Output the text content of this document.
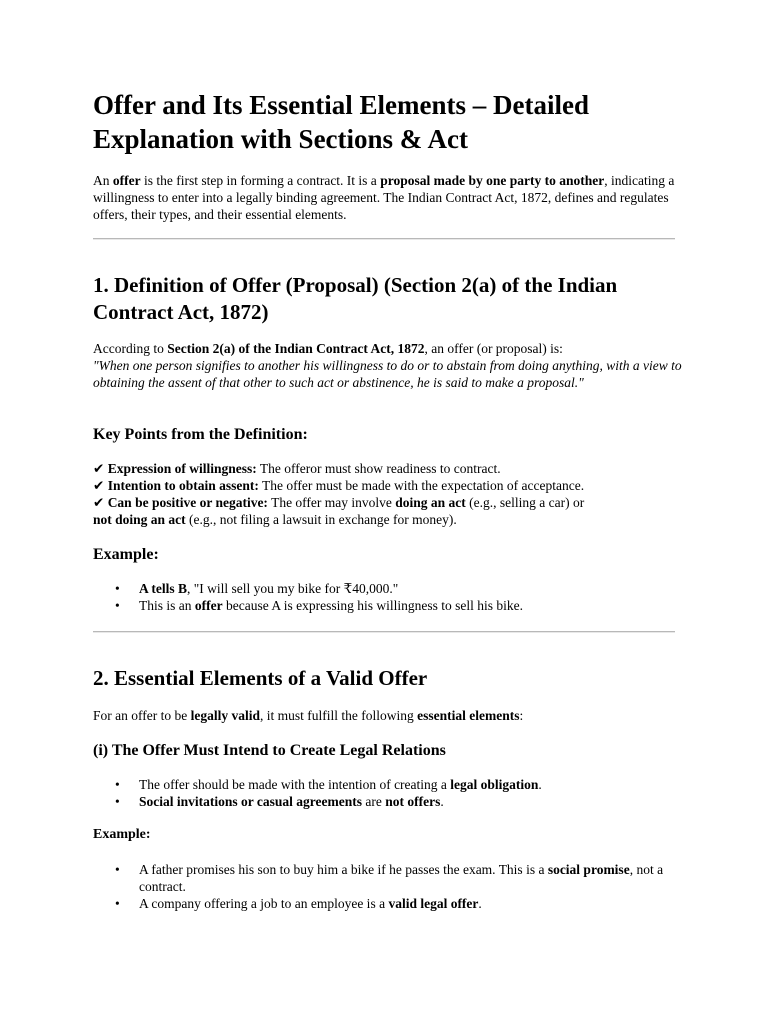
Offer and Its Essential Elements – Detailed Explanation with Sections & Act

An offer is the first step in forming a contract. It is a proposal made by one party to another, indicating a willingness to enter into a legally binding agreement. The Indian Contract Act, 1872, defines and regulates offers, their types, and their essential elements.

1. Definition of Offer (Proposal) (Section 2(a) of the Indian Contract Act, 1872)

According to Section 2(a) of the Indian Contract Act, 1872, an offer (or proposal) is:
"When one person signifies to another his willingness to do or to abstain from doing anything, with a view to obtaining the assent of that other to such act or abstinence, he is said to make a proposal."

Key Points from the Definition:

✔ Expression of willingness: The offeror must show readiness to contract.
✔ Intention to obtain assent: The offer must be made with the expectation of acceptance.
✔ Can be positive or negative: The offer may involve doing an act (e.g., selling a car) or
not doing an act (e.g., not filing a lawsuit in exchange for money).

Example:
• A tells B, "I will sell you my bike for ₹40,000."
• This is an offer because A is expressing his willingness to sell his bike.
2. Essential Elements of a Valid Offer

For an offer to be legally valid, it must fulfill the following essential elements:

(i) The Offer Must Intend to Create Legal Relations
• The offer should be made with the intention of creating a legal obligation.
• Social invitations or casual agreements are not offers.
Example:
• A father promises his son to buy him a bike if he passes the exam. This is a social promise, not a contract.
• A company offering a job to an employee is a valid legal offer.
